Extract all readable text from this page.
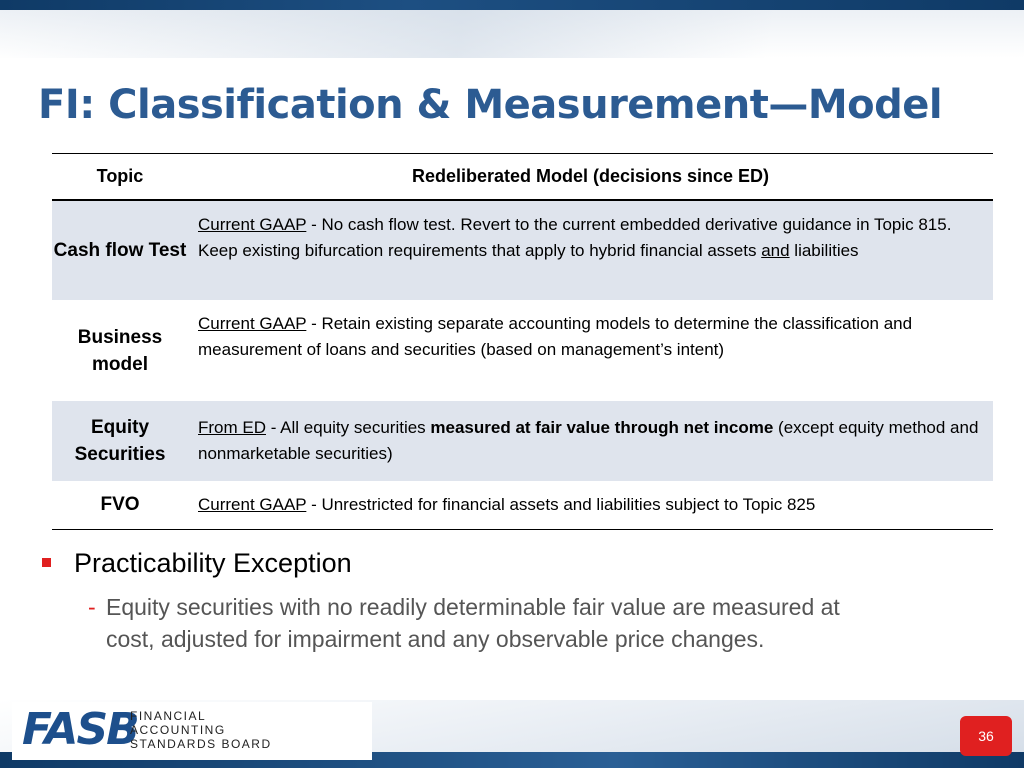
FI: Classification & Measurement—Model
Topic	Redeliberated Model (decisions since ED)
Cash flow Test	Current GAAP - No cash flow test. Revert to the current embedded derivative guidance in Topic 815. Keep existing bifurcation requirements that apply to hybrid financial assets and liabilities
Business model	Current GAAP - Retain existing separate accounting models to determine the classification and measurement of loans and securities (based on management’s intent)
Equity Securities	From ED - All equity securities measured at fair value through net income (except equity method and nonmarketable securities)
FVO	Current GAAP - Unrestricted for financial assets and liabilities subject to Topic 825
Practicability Exception
- Equity securities with no readily determinable fair value are measured at cost, adjusted for impairment and any observable price changes.
FASB
FINANCIAL
ACCOUNTING
STANDARDS BOARD	36
